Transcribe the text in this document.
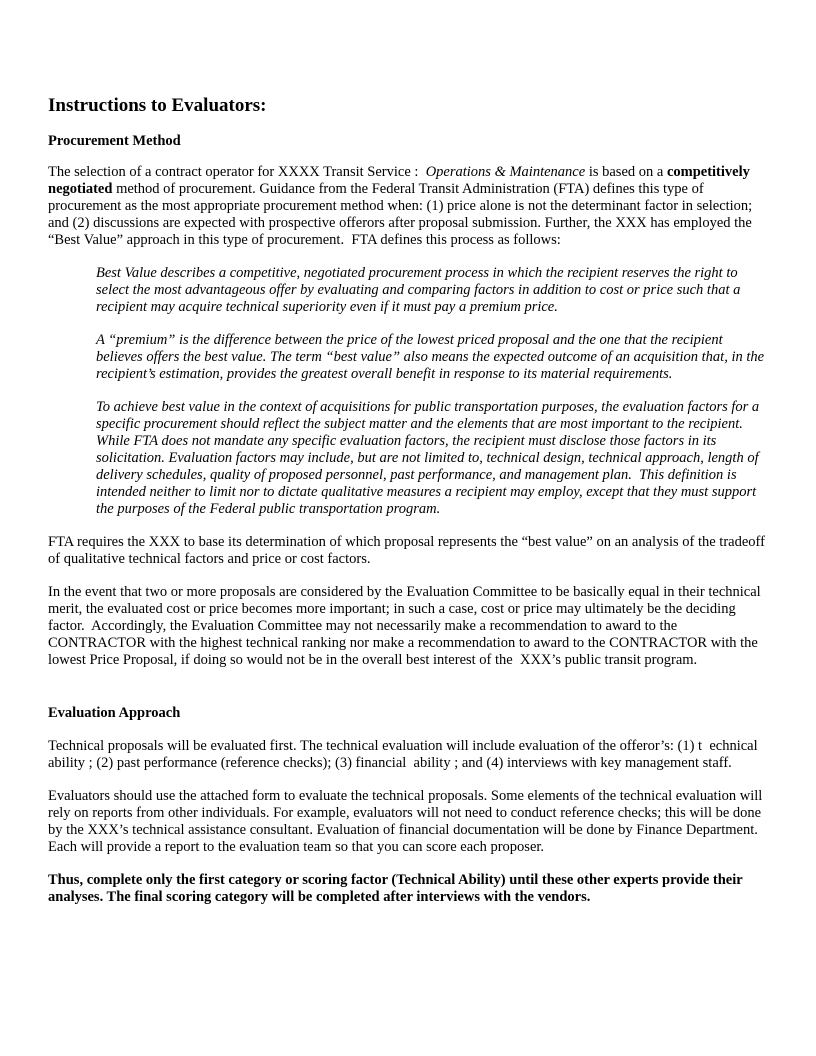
Instructions to Evaluators:
Procurement Method

The selection of a contract operator for XXXX Transit Service :  Operations & Maintenance is based on a competitively negotiated method of procurement. Guidance from the Federal Transit Administration (FTA) defines this type of procurement as the most appropriate procurement method when: (1) price alone is not the determinant factor in selection; and (2) discussions are expected with prospective offerors after proposal submission. Further, the XXX has employed the “Best Value” approach in this type of procurement.  FTA defines this process as follows:

Best Value describes a competitive, negotiated procurement process in which the recipient reserves the right to select the most advantageous offer by evaluating and comparing factors in addition to cost or price such that a recipient may acquire technical superiority even if it must pay a premium price.

A “premium” is the difference between the price of the lowest priced proposal and the one that the recipient believes offers the best value. The term “best value” also means the expected outcome of an acquisition that, in the recipient’s estimation, provides the greatest overall benefit in response to its material requirements.

To achieve best value in the context of acquisitions for public transportation purposes, the evaluation factors for a specific procurement should reflect the subject matter and the elements that are most important to the recipient. While FTA does not mandate any specific evaluation factors, the recipient must disclose those factors in its solicitation. Evaluation factors may include, but are not limited to, technical design, technical approach, length of delivery schedules, quality of proposed personnel, past performance, and management plan.  This definition is intended neither to limit nor to dictate qualitative measures a recipient may employ, except that they must support the purposes of the Federal public transportation program.

FTA requires the XXX to base its determination of which proposal represents the “best value” on an analysis of the tradeoff of qualitative technical factors and price or cost factors.

In the event that two or more proposals are considered by the Evaluation Committee to be basically equal in their technical merit, the evaluated cost or price becomes more important; in such a case, cost or price may ultimately be the deciding factor.  Accordingly, the Evaluation Committee may not necessarily make a recommendation to award to the CONTRACTOR with the highest technical ranking nor make a recommendation to award to the CONTRACTOR with the lowest Price Proposal, if doing so would not be in the overall best interest of the  XXX’s public transit program.

Evaluation Approach

Technical proposals will be evaluated first. The technical evaluation will include evaluation of the offeror’s: (1) t  echnical ability ; (2) past performance (reference checks); (3) financial  ability ; and (4) interviews with key management staff.

Evaluators should use the attached form to evaluate the technical proposals. Some elements of the technical evaluation will rely on reports from other individuals. For example, evaluators will not need to conduct reference checks; this will be done by the XXX’s technical assistance consultant. Evaluation of financial documentation will be done by Finance Department. Each will provide a report to the evaluation team so that you can score each proposer.

Thus, complete only the first category or scoring factor (Technical Ability) until these other experts provide their analyses. The final scoring category will be completed after interviews with the vendors.
